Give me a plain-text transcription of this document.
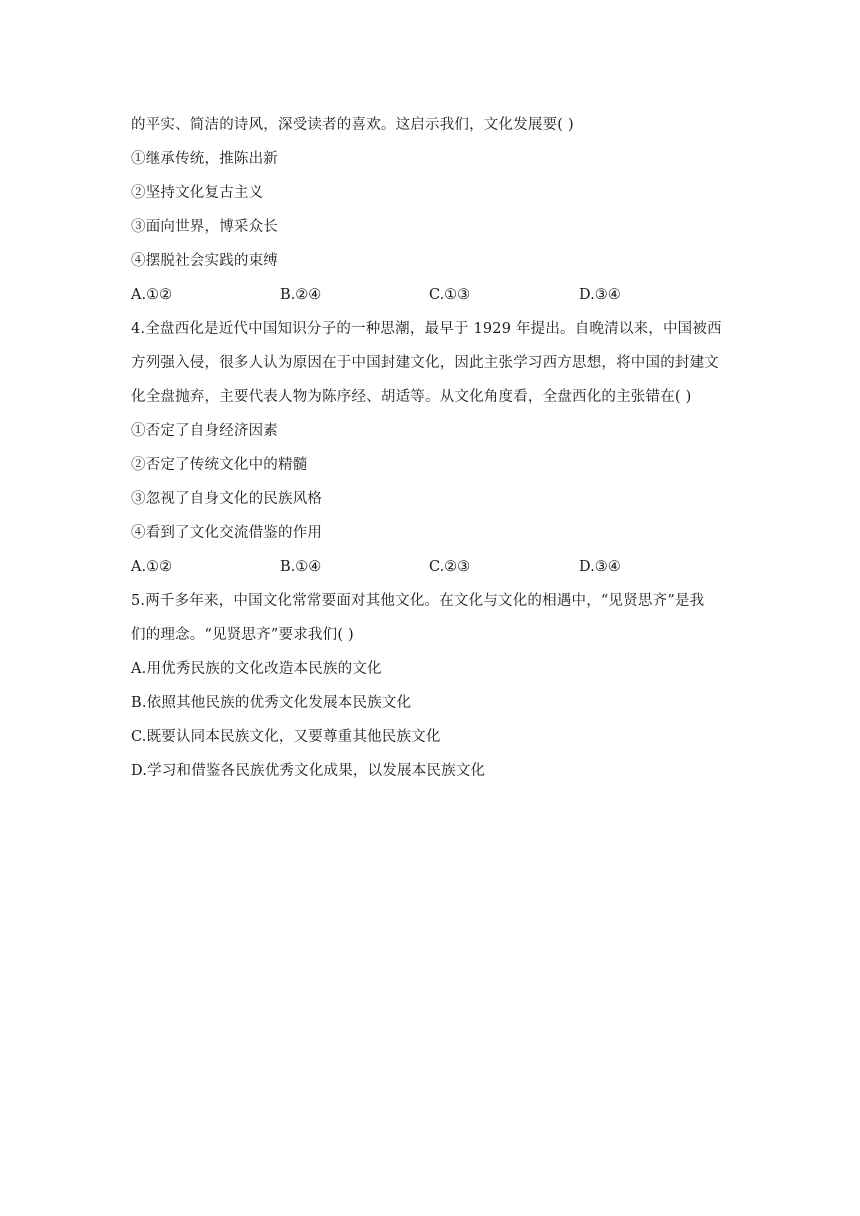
的平实、简洁的诗风，深受读者的喜欢。这启示我们，文化发展要( )
①继承传统，推陈出新
②坚持文化复古主义
③面向世界，博采众长
④摆脱社会实践的束缚
A.①②	B.②④	C.①③	D.③④
4.全盘西化是近代中国知识分子的一种思潮，最早于 1929 年提出。自晚清以来，中国被西
方列强入侵，很多人认为原因在于中国封建文化，因此主张学习西方思想，将中国的封建文
化全盘抛弃，主要代表人物为陈序经、胡适等。从文化角度看，全盘西化的主张错在( )
①否定了自身经济因素
②否定了传统文化中的精髓
③忽视了自身文化的民族风格
④看到了文化交流借鉴的作用
A.①②	B.①④	C.②③	D.③④
5.两千多年来，中国文化常常要面对其他文化。在文化与文化的相遇中，“见贤思齐”是我
们的理念。“见贤思齐”要求我们( )
A.用优秀民族的文化改造本民族的文化
B.依照其他民族的优秀文化发展本民族文化
C.既要认同本民族文化，又要尊重其他民族文化
D.学习和借鉴各民族优秀文化成果，以发展本民族文化
